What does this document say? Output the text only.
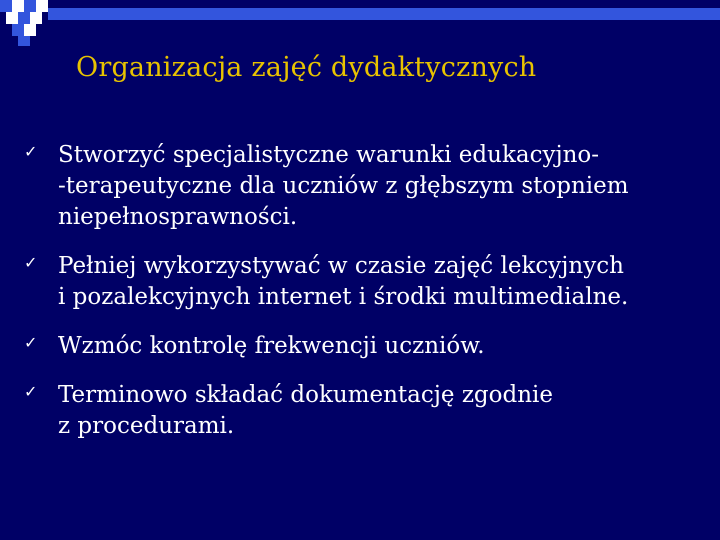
Organizacja zajęć dydaktycznych
✓ Stworzyć specjalistyczne warunki edukacyjno-
-terapeutyczne dla uczniów z głębszym stopniem
niepełnosprawności.
✓ Pełniej wykorzystywać w czasie zajęć lekcyjnych
i pozalekcyjnych internet i środki multimedialne.
✓ Wzmóc kontrolę frekwencji uczniów.
✓ Terminowo składać dokumentację zgodnie
z procedurami.
